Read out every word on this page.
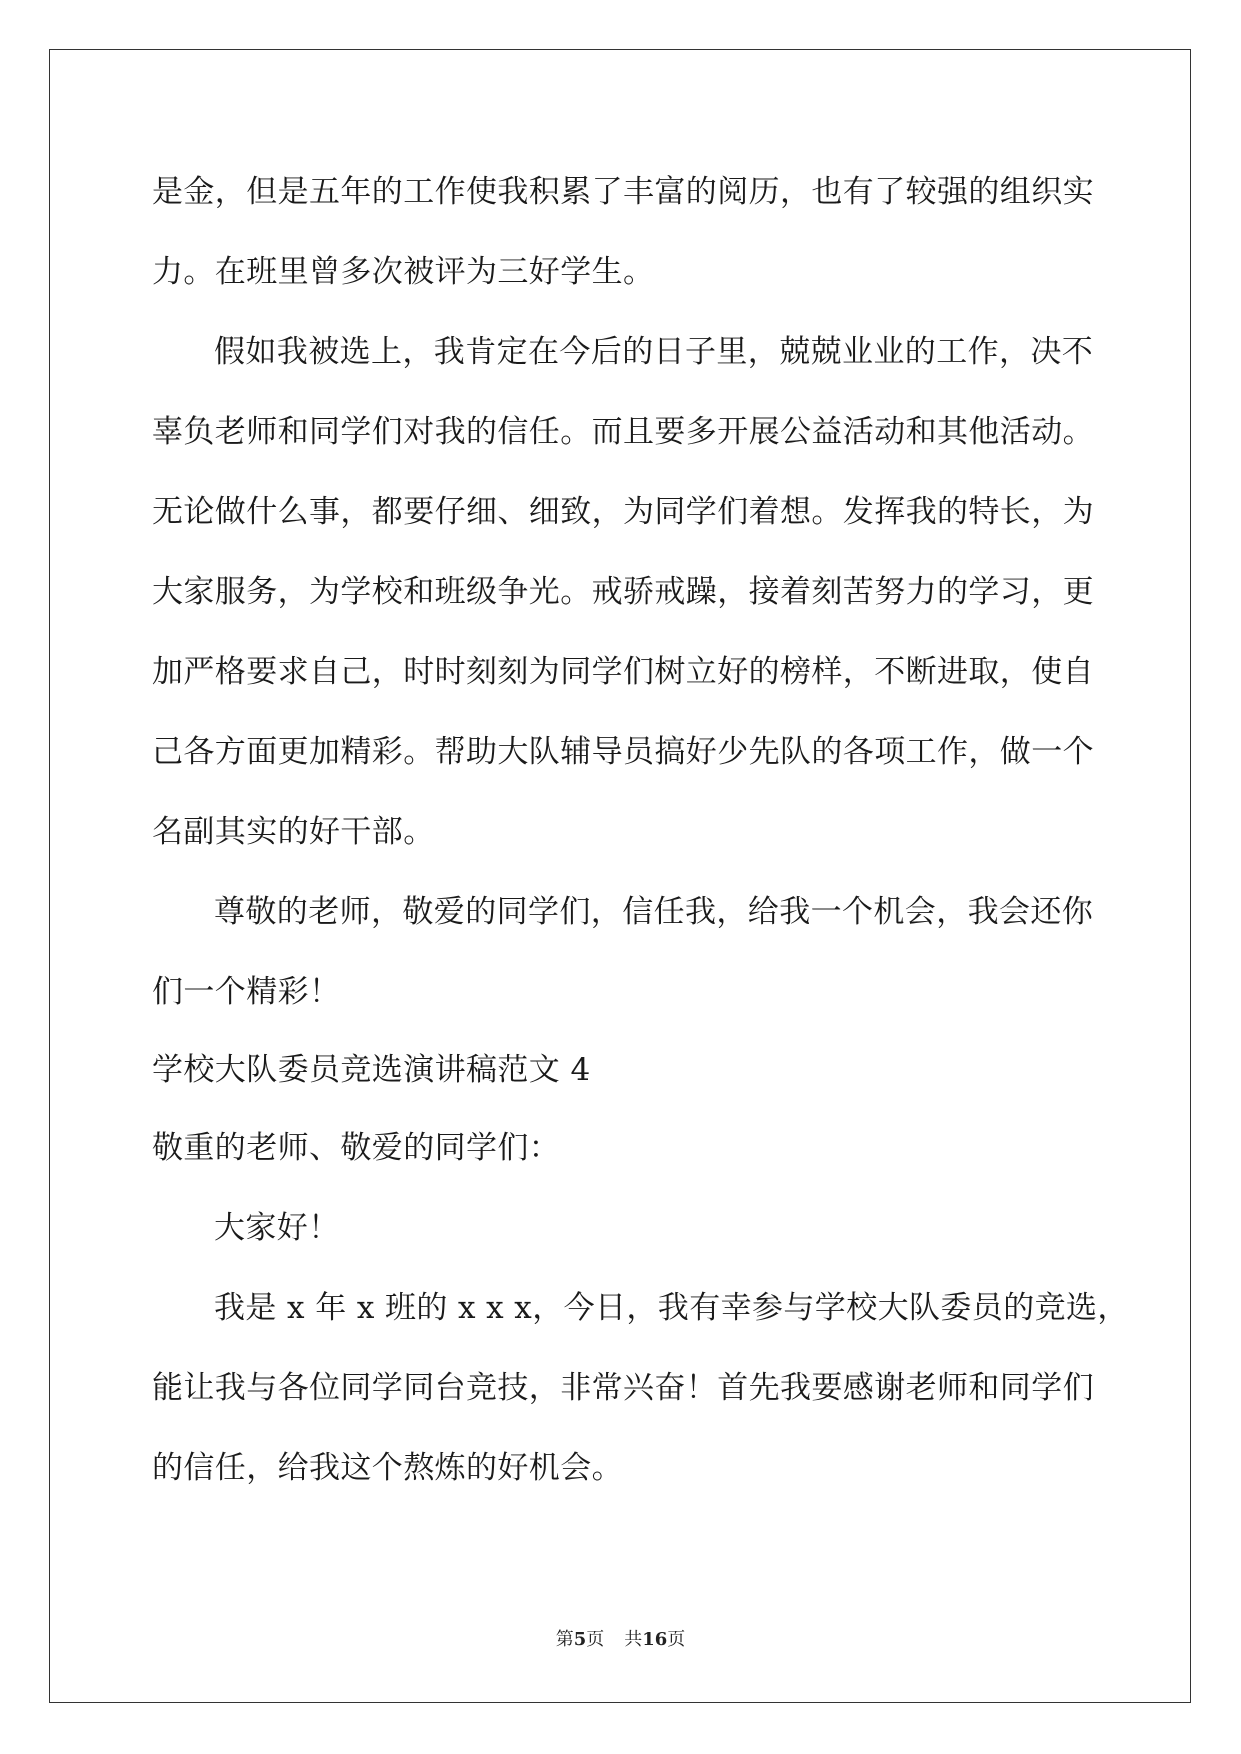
是金，但是五年的工作使我积累了丰富的阅历，也有了较强的组织实
力。在班里曾多次被评为三好学生。
假如我被选上，我肯定在今后的日子里，兢兢业业的工作，决不
辜负老师和同学们对我的信任。而且要多开展公益活动和其他活动。
无论做什么事，都要仔细、细致，为同学们着想。发挥我的特长，为
大家服务，为学校和班级争光。戒骄戒躁，接着刻苦努力的学习，更
加严格要求自己，时时刻刻为同学们树立好的榜样，不断进取，使自
己各方面更加精彩。帮助大队辅导员搞好少先队的各项工作，做一个
名副其实的好干部。
尊敬的老师，敬爱的同学们，信任我，给我一个机会，我会还你
们一个精彩！
学校大队委员竞选演讲稿范文 4
敬重的老师、敬爱的同学们：
大家好！
我是 x 年 x 班的 x x x，今日，我有幸参与学校大队委员的竞选，
能让我与各位同学同台竞技，非常兴奋！首先我要感谢老师和同学们
的信任，给我这个熬炼的好机会。
第5页 共16页
